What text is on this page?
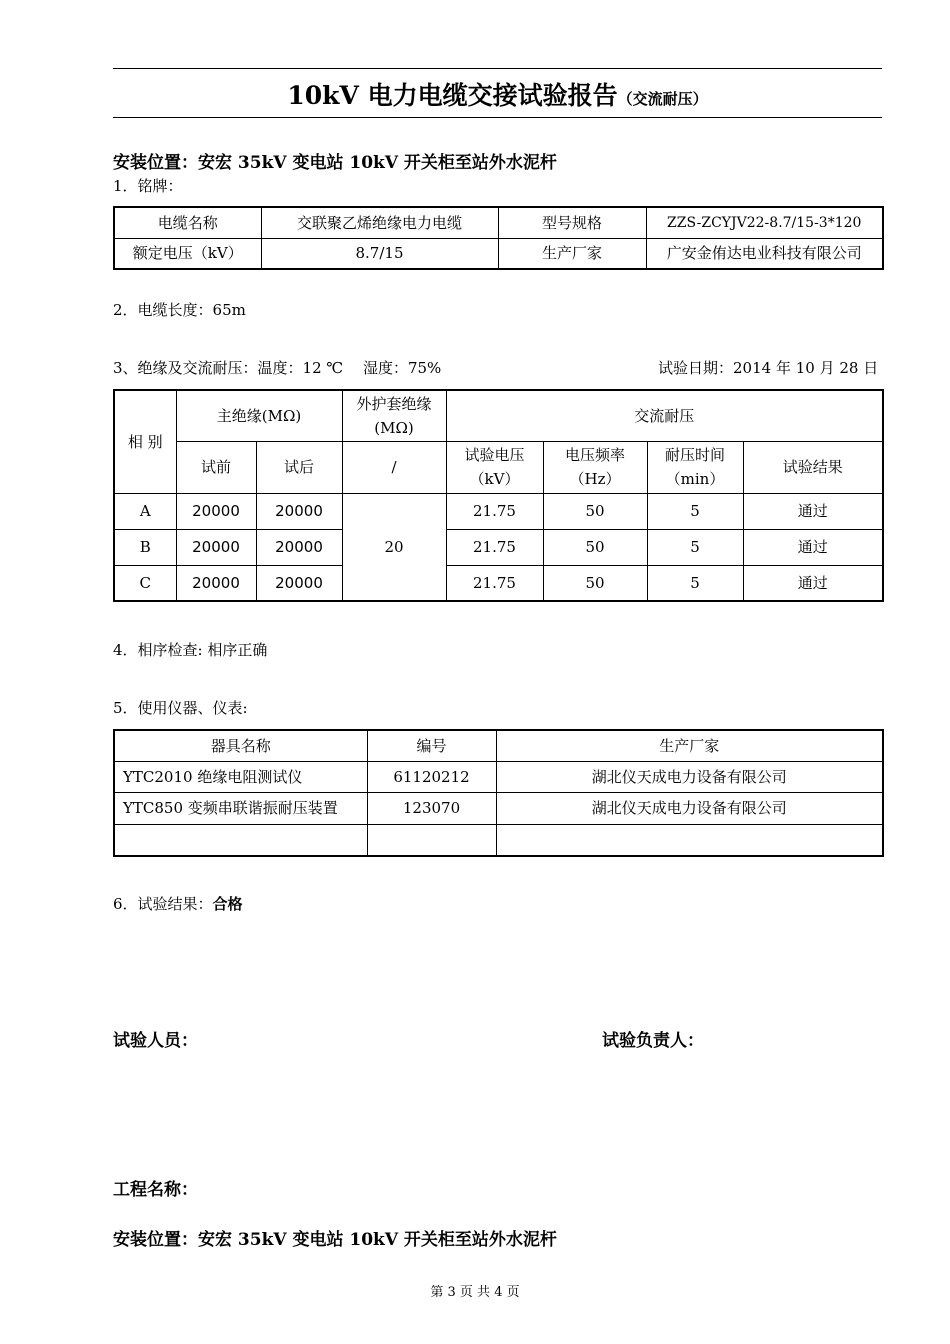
10kV 电力电缆交接试验报告（交流耐压）
安装位置：安宏 35kV 变电站 10kV 开关柜至站外水泥杆
1．铭牌：
电缆名称	交联聚乙烯绝缘电力电缆	型号规格	ZZS-ZCYJV22-8.7/15-3*120
额定电压（kV）	8.7/15	生产厂家	广安金侑达电业科技有限公司
2．电缆长度：65m
3、绝缘及交流耐压：温度：12 ℃　 湿度：75%	试验日期：2014 年 10 月 28 日
相 别	主绝缘(MΩ)		外护套绝缘(MΩ)	交流耐压			
	试前	试后	/	试验电压（kV）	电压频率（Hz）	耐压时间（min）	试验结果
A	20000	20000	20	21.75	50	5	通过
B	20000	20000		21.75	50	5	通过
C	20000	20000		21.75	50	5	通过
4．相序检查: 相序正确
5．使用仪器、仪表:
器具名称	编号	生产厂家
YTC2010 绝缘电阻测试仪	61120212	湖北仪天成电力设备有限公司
YTC850 变频串联谐振耐压装置	123070	湖北仪天成电力设备有限公司

6．试验结果：合格
试验人员：	试验负责人：
工程名称：
安装位置：安宏 35kV 变电站 10kV 开关柜至站外水泥杆
第 3 页 共 4 页
